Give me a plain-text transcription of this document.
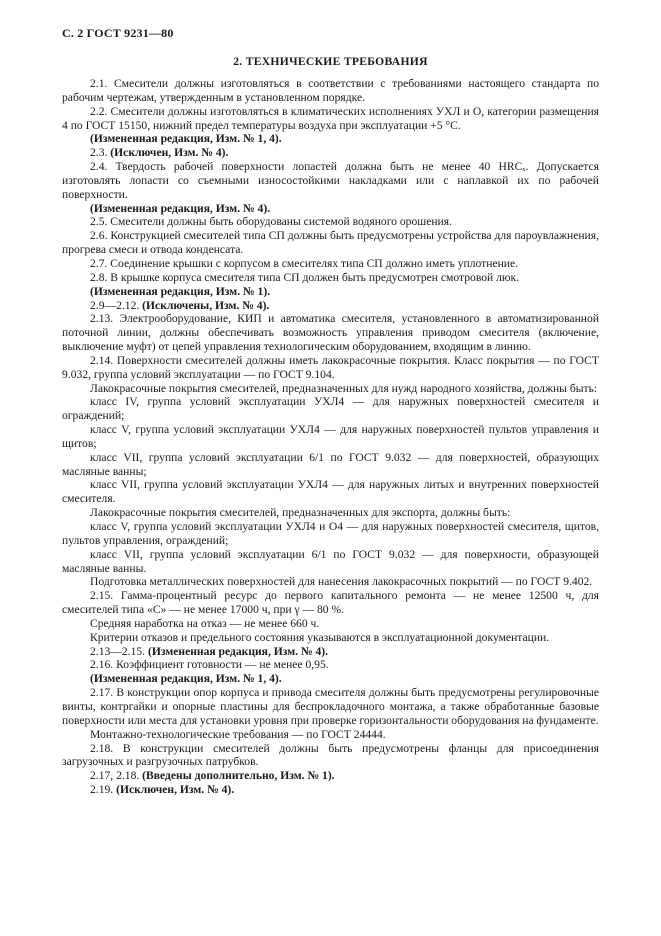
С. 2 ГОСТ 9231—80
2. ТЕХНИЧЕСКИЕ ТРЕБОВАНИЯ

2.1. Смесители должны изготовляться в соответствии с требованиями настоящего стандарта по рабочим чертежам, утвержденным в установленном порядке.

2.2. Смесители должны изготовляться в климатических исполнениях УХЛ и О, категории размещения 4 по ГОСТ 15150, нижний предел температуры воздуха при эксплуатации +5 °С.

(Измененная редакция, Изм. № 1, 4).

2.3. (Исключен, Изм. № 4).

2.4. Твердость рабочей поверхности лопастей должна быть не менее 40 HRCₓ. Допускается изготовлять лопасти со съемными износостойкими накладками или с наплавкой их по рабочей поверхности.

(Измененная редакция, Изм. № 4).

2.5. Смесители должны быть оборудованы системой водяного орошения.

2.6. Конструкцией смесителей типа СП должны быть предусмотрены устройства для пароувлажнения, прогрева смеси и отвода конденсата.

2.7. Соединение крышки с корпусом в смесителях типа СП должно иметь уплотнение.

2.8. В крышке корпуса смесителя типа СП должен быть предусмотрен смотровой люк.

(Измененная редакция, Изм. № 1).

2.9—2.12. (Исключены, Изм. № 4).

2.13. Электрооборудование, КИП и автоматика смесителя, установленного в автоматизированной поточной линии, должны обеспечивать возможность управления приводом смесителя (включение, выключение муфт) от цепей управления технологическим оборудованием, входящим в линию.

2.14. Поверхности смесителей должны иметь лакокрасочные покрытия. Класс покрытия — по ГОСТ 9.032, группа условий эксплуатации — по ГОСТ 9.104.

Лакокрасочные покрытия смесителей, предназначенных для нужд народного хозяйства, должны быть:

класс IV, группа условий эксплуатации УХЛ4 — для наружных поверхностей смесителя и ограждений;

класс V, группа условий эксплуатации УХЛ4 — для наружных поверхностей пультов управления и щитов;

класс VII, группа условий эксплуатации 6/1 по ГОСТ 9.032 — для поверхностей, образующих масляные ванны;

класс VII, группа условий эксплуатации УХЛ4 — для наружных литых и внутренних поверхностей смесителя.

Лакокрасочные покрытия смесителей, предназначенных для экспорта, должны быть:

класс V, группа условий эксплуатации УХЛ4 и О4 — для наружных поверхностей смесителя, щитов, пультов управления, ограждений;

класс VII, группа условий эксплуатации 6/1 по ГОСТ 9.032 — для поверхности, образующей масляные ванны.

Подготовка металлических поверхностей для нанесения лакокрасочных покрытий — по ГОСТ 9.402.

2.15. Гамма-процентный ресурс до первого капитального ремонта — не менее 12500 ч, для смесителей типа «С» — не менее 17000 ч, при γ — 80 %.

Средняя наработка на отказ — не менее 660 ч.

Критерии отказов и предельного состояния указываются в эксплуатационной документации.

2.13—2.15. (Измененная редакция, Изм. № 4).

2.16. Коэффициент готовности — не менее 0,95.

(Измененная редакция, Изм. № 1, 4).

2.17. В конструкции опор корпуса и привода смесителя должны быть предусмотрены регулировочные винты, контргайки и опорные пластины для беспрокладочного монтажа, а также обработанные базовые поверхности или места для установки уровня при проверке горизонтальности оборудования на фундаменте.

Монтажно-технологические требования — по ГОСТ 24444.

2.18. В конструкции смесителей должны быть предусмотрены фланцы для присоединения загрузочных и разгрузочных патрубков.

2.17, 2.18. (Введены дополнительно, Изм. № 1).

2.19. (Исключен, Изм. № 4).
